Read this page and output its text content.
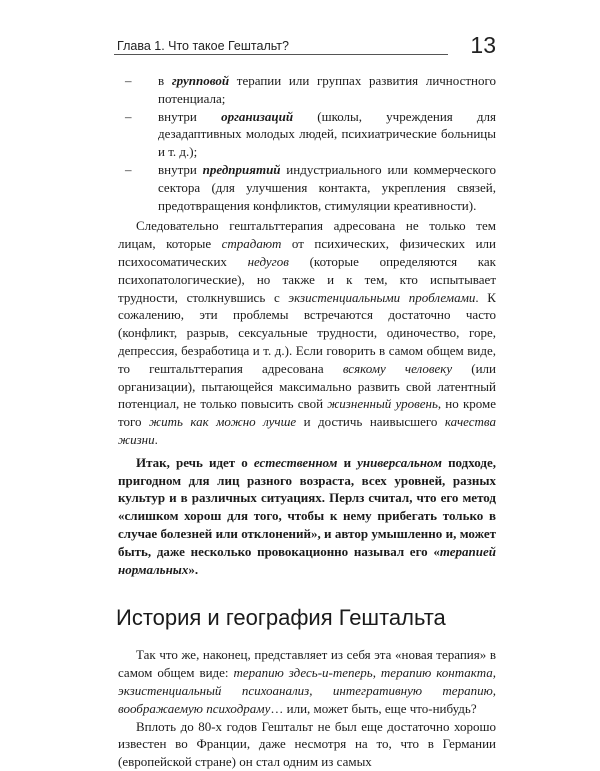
Глава 1. Что такое Гештальт?	13
– в групповой терапии или группах развития личностного потенциала;
– внутри организаций (школы, учреждения для дезадаптивных молодых людей, психиатрические больницы и т. д.);
– внутри предприятий индустриального или коммерческого сектора (для улучшения контакта, укрепления связей, предотвращения конфликтов, стимуляции креативности).

Следовательно гештальттерапия адресована не только тем лицам, которые страдают от психических, физических или психосоматических недугов (которые определяются как психопатологические), но также и к тем, кто испытывает трудности, столкнувшись с экзистенциальными проблемами. К сожалению, эти проблемы встречаются достаточно часто (конфликт, разрыв, сексуальные трудности, одиночество, горе, депрессия, безработица и т. д.). Если говорить в самом общем виде, то гештальттерапия адресована всякому человеку (или организации), пытающейся максимально развить свой латентный потенциал, не только повысить свой жизненный уровень, но кроме того жить как можно лучше и достичь наивысшего качества жизни.

Итак, речь идет о естественном и универсальном подходе, пригодном для лиц разного возраста, всех уровней, разных культур и в различных ситуациях. Перлз считал, что его метод «слишком хорош для того, чтобы к нему прибегать только в случае болезней или отклонений», и автор умышленно и, может быть, даже несколько провокационно называл его «терапией нормальных».

История и география Гештальта

Так что же, наконец, представляет из себя эта «новая терапия» в самом общем виде: терапию здесь-и-теперь, терапию контакта, экзистенциальный психоанализ, интегративную терапию, воображаемую психодраму… или, может быть, еще что-нибудь?

Вплоть до 80-х годов Гештальт не был еще достаточно хорошо известен во Франции, даже несмотря на то, что в Германии (европейской стране) он стал одним из самых
